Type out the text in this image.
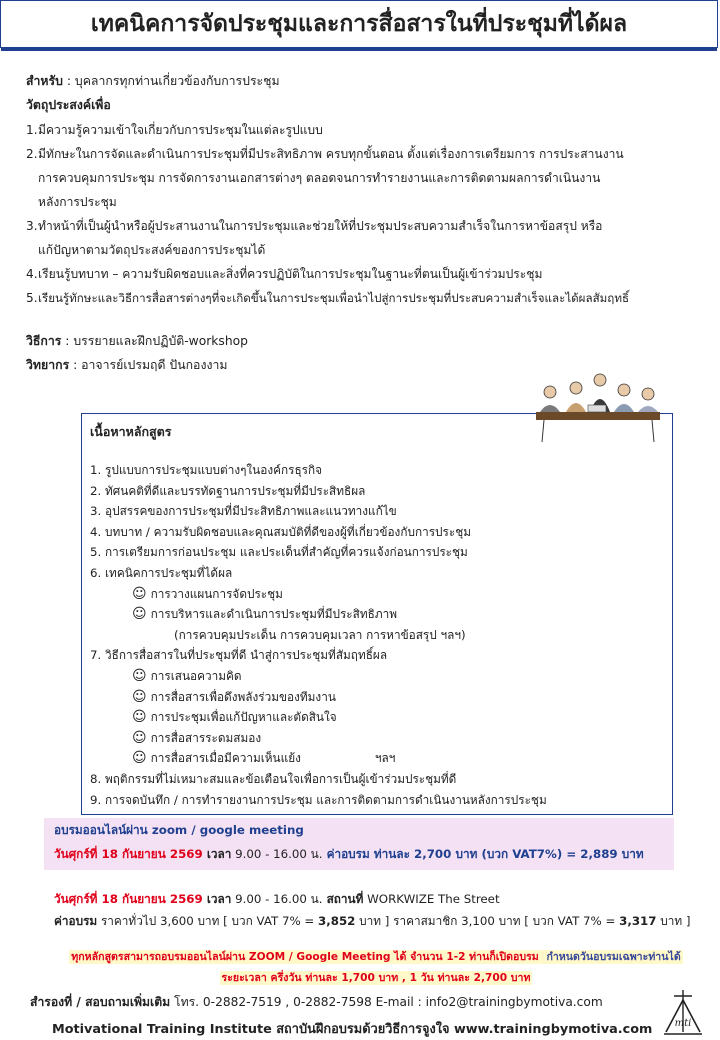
เทคนิคการจัดประชุมและการสื่อสารในที่ประชุมที่ได้ผล
สำหรับ : บุคลากรทุกท่านเกี่ยวข้องกับการประชุม
วัตถุประสงค์เพื่อ
1. มีความรู้ความเข้าใจเกี่ยวกับการประชุมในแต่ละรูปแบบ
2. มีทักษะในการจัดและดำเนินการประชุมที่มีประสิทธิภาพ ครบทุกขั้นตอน ตั้งแต่เรื่องการเตรียมการ การประสานงาน
การควบคุมการประชุม การจัดการงานเอกสารต่างๆ ตลอดจนการทำรายงานและการติดตามผลการดำเนินงาน
หลังการประชุม
3. ทำหน้าที่เป็นผู้นำหรือผู้ประสานงานในการประชุมและช่วยให้ที่ประชุมประสบความสำเร็จในการหาข้อสรุป หรือ
แก้ปัญหาตามวัตถุประสงค์ของการประชุมได้
4. เรียนรู้บทบาท – ความรับผิดชอบและสิ่งที่ควรปฏิบัติในการประชุมในฐานะที่ตนเป็นผู้เข้าร่วมประชุม
5. เรียนรู้ทักษะและวิธีการสื่อสารต่างๆที่จะเกิดขึ้นในการประชุมเพื่อนำไปสู่การประชุมที่ประสบความสำเร็จและได้ผลสัมฤทธิ์
วิธีการ : บรรยายและฝึกปฏิบัติ-workshop
วิทยากร : อาจารย์เปรมฤดี ปันกองงาม
เนื้อหาหลักสูตร
1. รูปแบบการประชุมแบบต่างๆในองค์กรธุรกิจ
2. ทัศนคติที่ดีและบรรทัดฐานการประชุมที่มีประสิทธิผล
3. อุปสรรคของการประชุมที่มีประสิทธิภาพและแนวทางแก้ไข
4. บทบาท / ความรับผิดชอบและคุณสมบัติที่ดีของผู้ที่เกี่ยวข้องกับการประชุม
5. การเตรียมการก่อนประชุม และประเด็นที่สำคัญที่ควรแจ้งก่อนการประชุม
6. เทคนิคการประชุมที่ได้ผล
☺ การวางแผนการจัดประชุม
☺ การบริหารและดำเนินการประชุมที่มีประสิทธิภาพ
(การควบคุมประเด็น การควบคุมเวลา การหาข้อสรุป ฯลฯ)
7. วิธีการสื่อสารในที่ประชุมที่ดี นำสู่การประชุมที่สัมฤทธิ์ผล
☺ การเสนอความคิด
☺ การสื่อสารเพื่อดึงพลังร่วมของทีมงาน
☺ การประชุมเพื่อแก้ปัญหาและตัดสินใจ
☺ การสื่อสารระดมสมอง
☺ การสื่อสารเมื่อมีความเห็นแย้ง	ฯลฯ
8. พฤติกรรมที่ไม่เหมาะสมและข้อเตือนใจเพื่อการเป็นผู้เข้าร่วมประชุมที่ดี
9. การจดบันทึก / การทำรายงานการประชุม และการติดตามการดำเนินงานหลังการประชุม
อบรมออนไลน์ผ่าน zoom / google meeting
วันศุกร์ที่ 18 กันยายน 2569 เวลา 9.00 - 16.00 น. ค่าอบรม ท่านละ 2,700 บาท (บวก VAT7%) = 2,889 บาท
วันศุกร์ที่ 18 กันยายน 2569 เวลา 9.00 - 16.00 น. สถานที่ WORKWIZE The Street
ค่าอบรม ราคาทั่วไป 3,600 บาท [ บวก VAT 7% = 3,852 บาท ] ราคาสมาชิก 3,100 บาท [ บวก VAT 7% = 3,317 บาท ]
ทุกหลักสูตรสามารถอบรมออนไลน์ผ่าน ZOOM / Google Meeting ได้ จำนวน 1-2 ท่านก็เปิดอบรม กำหนดวันอบรมเฉพาะท่านได้
ระยะเวลา ครึ่งวัน ท่านละ 1,700 บาท , 1 วัน ท่านละ 2,700 บาท
สำรองที่ / สอบถามเพิ่มเติม โทร. 0-2882-7519 , 0-2882-7598 E-mail : info2@trainingbymotiva.com
Motivational Training Institute สถาบันฝึกอบรมด้วยวิธีการจูงใจ www.trainingbymotiva.com mti
